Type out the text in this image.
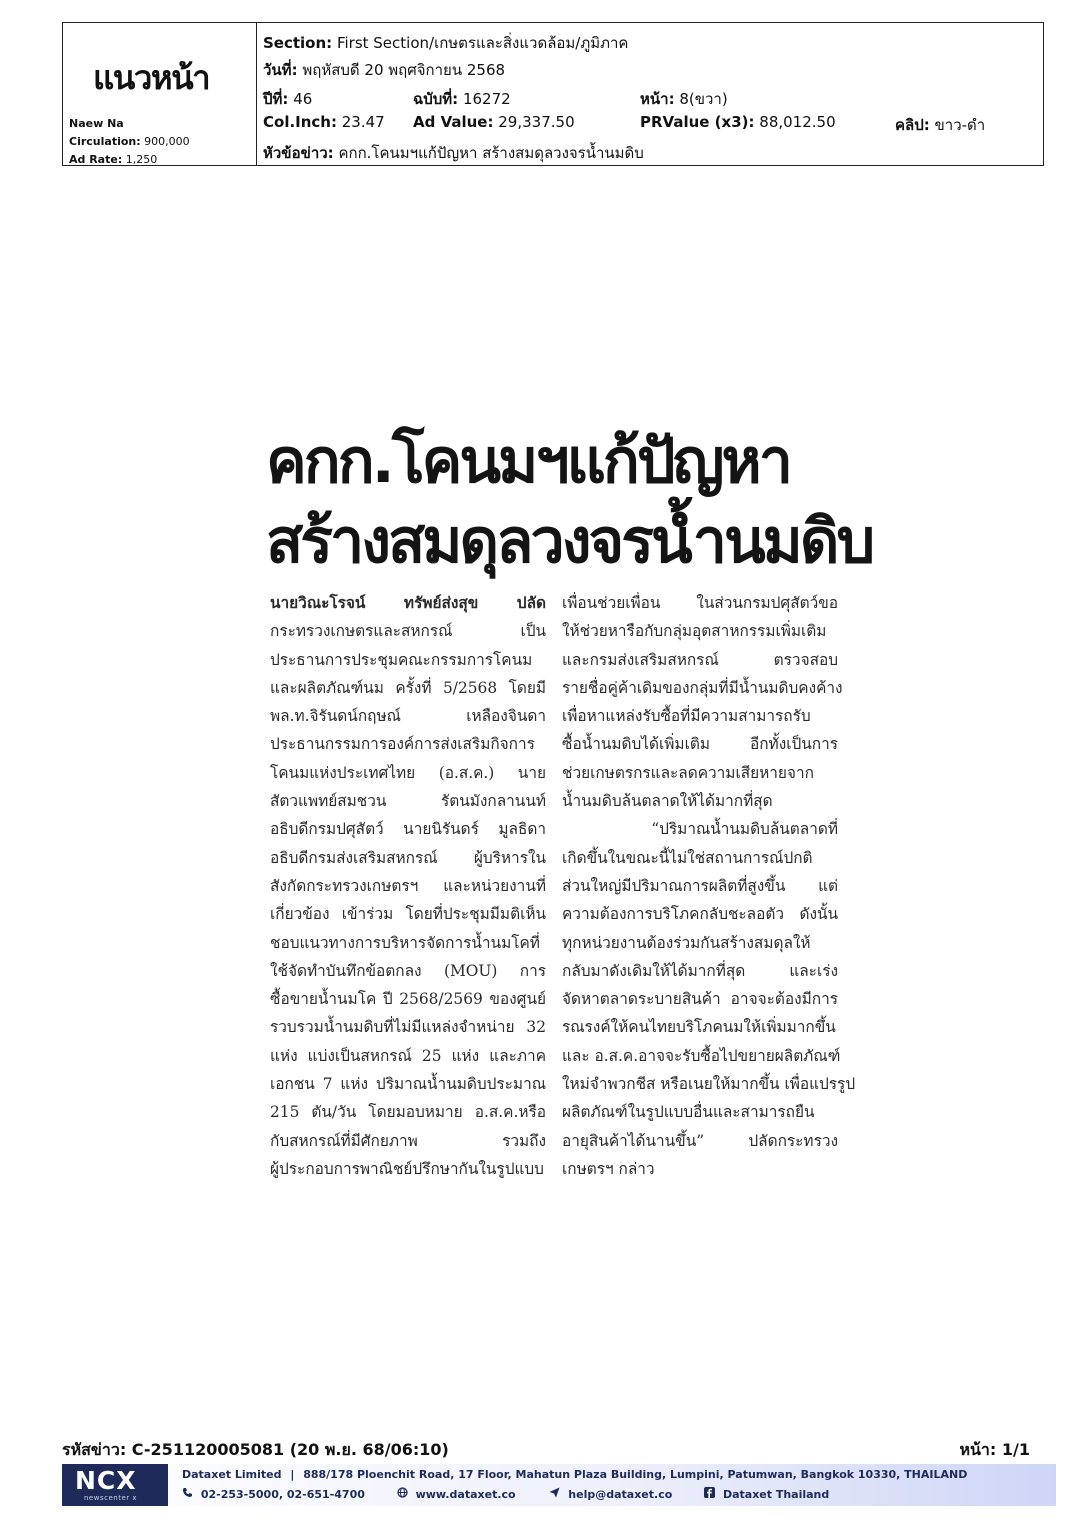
แนวหน้า
Naew Na
Circulation: 900,000
Ad Rate: 1,250
Section: First Section/เกษตรและสิ่งแวดล้อม/ภูมิภาค
วันที่: พฤหัสบดี 20 พฤศจิกายน 2568
ปีที่: 46	ฉบับที่: 16272	หน้า: 8(ขวา)
Col.Inch: 23.47 Ad Value: 29,337.50	PRValue (x3): 88,012.50	คลิป: ขาว-ดำ
หัวข้อข่าว: คกก.โคนมฯแก้ปัญหา สร้างสมดุลวงจรน้ำนมดิบ
คกก.โคนมฯแก้ปัญหา
สร้างสมดุลวงจรน้ำนมดิบ
นายวิณะโรจน์ ทรัพย์ส่งสุข ปลัด
กระทรวงเกษตรและสหกรณ์ เป็น
ประธานการประชุมคณะกรรมการโคนม
และผลิตภัณฑ์นม ครั้งที่ 5/2568 โดยมี
พล.ท.จิรันดน์กฤษณ์ เหลืองจินดา
ประธานกรรมการองค์การส่งเสริมกิจการ
โคนมแห่งประเทศไทย (อ.ส.ค.) นาย
สัตวแพทย์สมชวน รัตนมังกลานนท์
อธิบดีกรมปศุสัตว์ นายนิรันดร์ มูลธิดา
อธิบดีกรมส่งเสริมสหกรณ์ ผู้บริหารใน
สังกัดกระทรวงเกษตรฯ และหน่วยงานที่
เกี่ยวข้อง เข้าร่วม โดยที่ประชุมมีมติเห็น
ชอบแนวทางการบริหารจัดการน้ำนมโคที่
ใช้จัดทำบันทึกข้อตกลง (MOU) การ
ซื้อขายน้ำนมโค ปี 2568/2569 ของศูนย์
รวบรวมน้ำนมดิบที่ไม่มีแหล่งจำหน่าย 32
แห่ง แบ่งเป็นสหกรณ์ 25 แห่ง และภาค
เอกชน 7 แห่ง ปริมาณน้ำนมดิบประมาณ
215 ตัน/วัน โดยมอบหมาย อ.ส.ค.หรือ
กับสหกรณ์ที่มีศักยภาพ รวมถึง
ผู้ประกอบการพาณิชย์ปรึกษากันในรูปแบบ
เพื่อนช่วยเพื่อน ในส่วนกรมปศุสัตว์ขอ
ให้ช่วยหารือกับกลุ่มอุตสาหกรรมเพิ่มเติม
และกรมส่งเสริมสหกรณ์ ตรวจสอบ
รายชื่อคู่ค้าเดิมของกลุ่มที่มีน้ำนมดิบคงค้าง
เพื่อหาแหล่งรับซื้อที่มีความสามารถรับ
ซื้อน้ำนมดิบได้เพิ่มเติม อีกทั้งเป็นการ
ช่วยเกษตรกรและลดความเสียหายจาก
น้ำนมดิบล้นตลาดให้ได้มากที่สุด
“ปริมาณน้ำนมดิบล้นตลาดที่
เกิดขึ้นในขณะนี้ไม่ใช่สถานการณ์ปกติ
ส่วนใหญ่มีปริมาณการผลิตที่สูงขึ้น แต่
ความต้องการบริโภคกลับชะลอตัว ดังนั้น
ทุกหน่วยงานต้องร่วมกันสร้างสมดุลให้
กลับมาดังเดิมให้ได้มากที่สุด และเร่ง
จัดหาตลาดระบายสินค้า อาจจะต้องมีการ
รณรงค์ให้คนไทยบริโภคนมให้เพิ่มมากขึ้น
และ อ.ส.ค.อาจจะรับซื้อไปขยายผลิตภัณฑ์
ใหม่จำพวกชีส หรือเนยให้มากขึ้น เพื่อแปรรูป
ผลิตภัณฑ์ในรูปแบบอื่นและสามารถยืน
อายุสินค้าได้นานขึ้น” ปลัดกระทรวง
เกษตรฯ กล่าว
รหัสข่าว: C-251120005081 (20 พ.ย. 68/06:10)	หน้า: 1/1
NCX
newscenter x
Dataxet Limited | 888/178 Ploenchit Road, 17 Floor, Mahatun Plaza Building, Lumpini, Patumwan, Bangkok 10330, THAILAND
02-253-5000, 02-651-4700	www.dataxet.co	help@dataxet.co	Dataxet Thailand
